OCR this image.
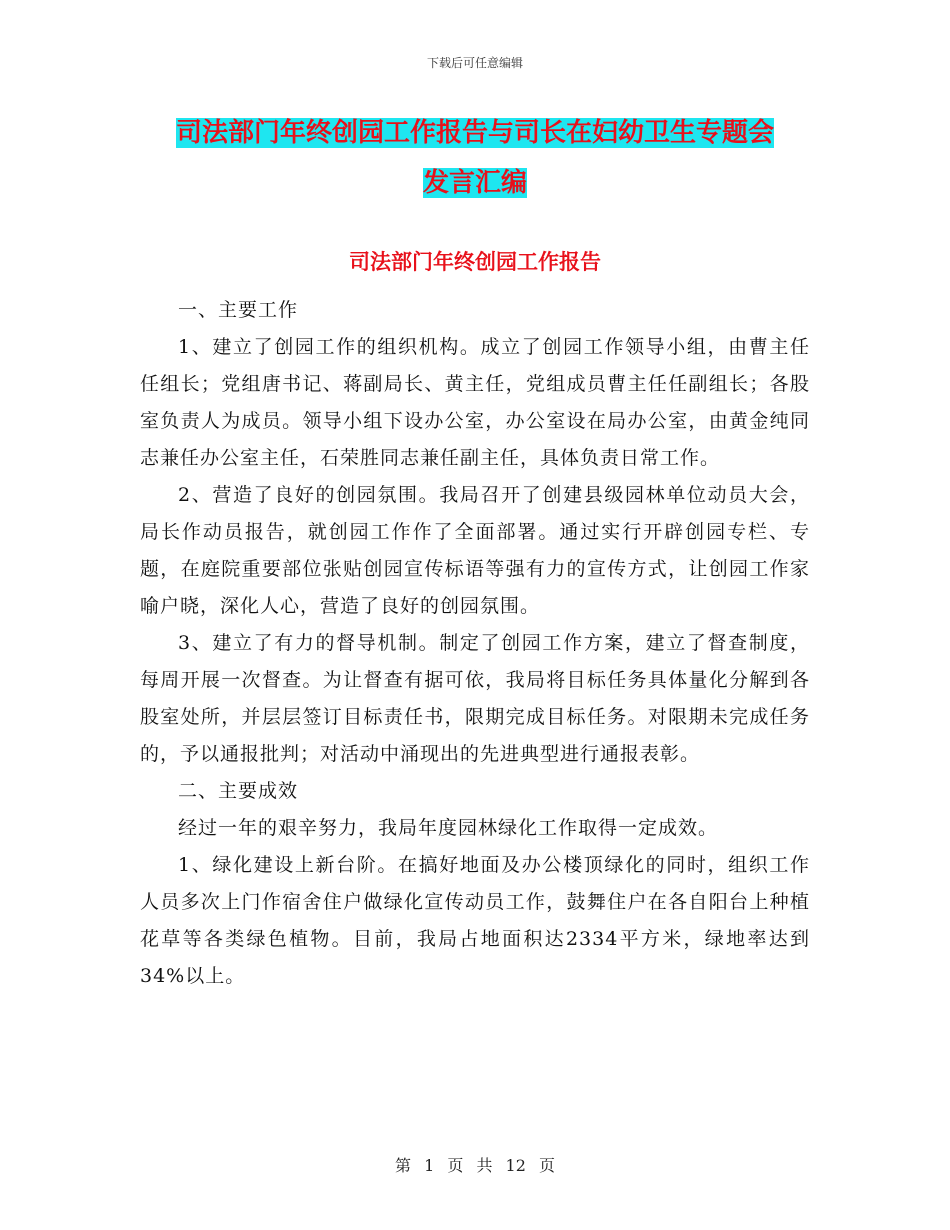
下载后可任意编辑
司法部门年终创园工作报告与司长在妇幼卫生专题会
发言汇编
司法部门年终创园工作报告

一、主要工作

1、建立了创园工作的组织机构。成立了创园工作领导小组，由曹主任任组长；党组唐书记、蒋副局长、黄主任，党组成员曹主任任副组长；各股室负责人为成员。领导小组下设办公室，办公室设在局办公室，由黄金纯同志兼任办公室主任，石荣胜同志兼任副主任，具体负责日常工作。

2、营造了良好的创园氛围。我局召开了创建县级园林单位动员大会，局长作动员报告，就创园工作作了全面部署。通过实行开辟创园专栏、专题，在庭院重要部位张贴创园宣传标语等强有力的宣传方式，让创园工作家喻户晓，深化人心，营造了良好的创园氛围。

3、建立了有力的督导机制。制定了创园工作方案，建立了督查制度，每周开展一次督查。为让督查有据可依，我局将目标任务具体量化分解到各股室处所，并层层签订目标责任书，限期完成目标任务。对限期未完成任务的，予以通报批判；对活动中涌现出的先进典型进行通报表彰。

二、主要成效

经过一年的艰辛努力，我局年度园林绿化工作取得一定成效。

1、绿化建设上新台阶。在搞好地面及办公楼顶绿化的同时，组织工作人员多次上门作宿舍住户做绿化宣传动员工作，鼓舞住户在各自阳台上种植花草等各类绿色植物。目前，我局占地面积达2334平方米，绿地率达到34%以上。

第 1 页 共 12 页
